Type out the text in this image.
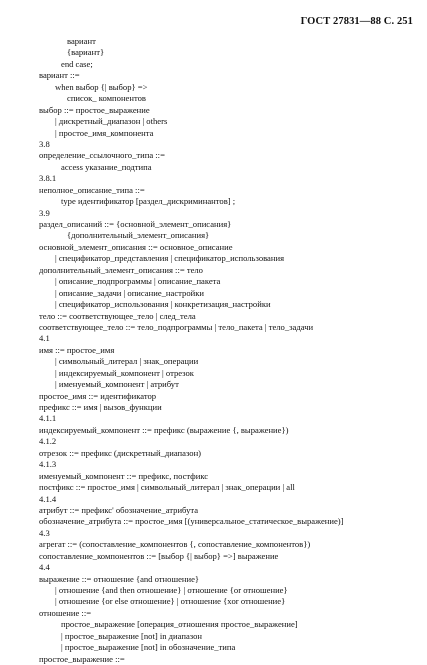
ГОСТ 27831—88 С. 251
вариант
{вариант}
end case;
вариант ::=
when выбор {| выбор} =>
список_ компонентов
выбор ::= простое_выражение
| дискретный_диапазон | others
| простое_имя_компонента
3.8
определение_ссылочного_типа ::=
access указание_подтипа
3.8.1
неполное_описание_типа ::=
type идентификатор [раздел_дискриминантов] ;
3.9
раздел_описаний ::= {основной_элемент_описания}
{дополнительный_элемент_описания}
основной_элемент_описания ::= основное_описание
| спецификатор_представления | спецификатор_использования
дополнительный_элемент_описания ::= тело
| описание_подпрограммы | описание_пакета
| описание_задачи | описание_настройки
| спецификатор_использования | конкретизация_настройки
тело ::= соответствующее_тело | след_тела
соответствующее_тело ::= тело_подпрограммы | тело_пакета | тело_задачи
4.1
имя ::= простое_имя
| символьный_литерал | знак_операции
| индексируемый_компонент | отрезок
| именуемый_компонент | атрибут
простое_имя ::= идентификатор
префикс ::= имя | вызов_функции
4.1.1
индексируемый_компонент ::= префикс (выражение {, выражение})
4.1.2
отрезок ::= префикс (дискретный_диапазон)
4.1.3
именуемый_компонент ::= префикс, постфикс
постфикс ::= простое_имя | символьный_литерал | знак_операции | all
4.1.4
атрибут ::= префикс' обозначение_атрибута
обозначение_атрибута ::= простое_имя [(универсальное_статическое_выражение)]
4.3
агрегат ::= (сопоставление_компонентов {, сопоставление_компонентов})
сопоставление_компонентов ::= [выбор {| выбор} =>] выражение
4.4
выражение ::= отношение {and отношение}
| отношение {and then отношение} | отношение {or отношение}
| отношение {or else отношение} | отношение {xor отношение}
отношение ::=
простое_выражение [операция_отношения простое_выражение]
| простое_выражение [not] in диапазон
| простое_выражение [not] in обозначение_типа
простое_выражение ::=
